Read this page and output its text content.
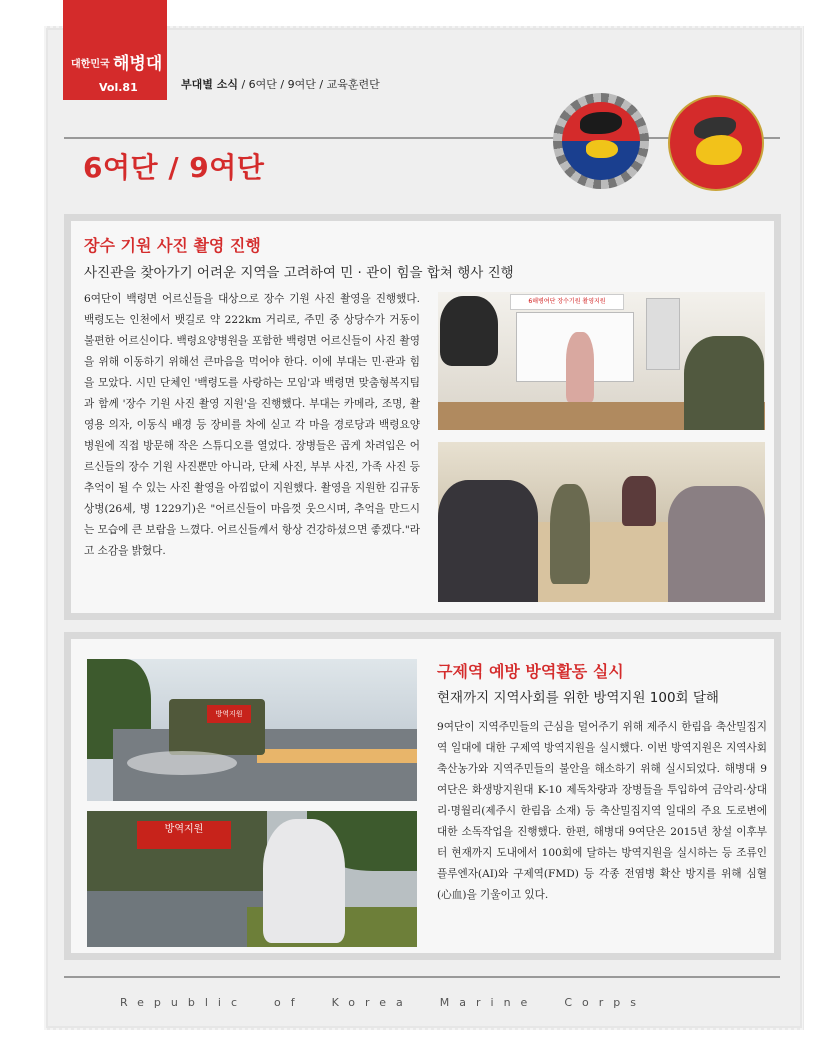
대한민국 해병대
Vol.81	부대별 소식 / 6여단 / 9여단 / 교육훈련단
6여단 / 9여단
장수 기원 사진 촬영 진행
사진관을 찾아가기 어려운 지역을 고려하여 민 · 관이 힘을 합쳐 행사 진행
6여단이 백령면 어르신들을 대상으로 장수 기원 사진 촬영을 진행했다. 백령도는 인천에서 뱃길로 약 222km 거리로, 주민 중 상당수가 거동이 불편한 어르신이다. 백령요양병원을 포함한 백령면 어르신들이 사진 촬영을 위해 이동하기 위해선 큰마음을 먹어야 한다. 이에 부대는 민·관과 힘을 모았다. 시민 단체인 '백령도를 사랑하는 모임'과 백령면 맞춤형복지팀과 함께 '장수 기원 사진 촬영 지원'을 진행했다. 부대는 카메라, 조명, 촬영용 의자, 이동식 배경 등 장비를 차에 싣고 각 마을 경로당과 백령요양병원에 직접 방문해 작은 스튜디오를 열었다. 장병들은 곱게 차려입은 어르신들의 장수 기원 사진뿐만 아니라, 단체 사진, 부부 사진, 가족 사진 등 추억이 될 수 있는 사진 촬영을 아낌없이 지원했다. 촬영을 지원한 김규동 상병(26세, 병 1229기)은 "어르신들이 마음껏 웃으시며, 추억을 만드시는 모습에 큰 보람을 느꼈다. 어르신들께서 항상 건강하셨으면 좋겠다."라고 소감을 밝혔다.
6해병여단 장수기원 촬영지원
방역지원
방역지원
구제역 예방 방역활동 실시
현재까지 지역사회를 위한 방역지원 100회 달해
9여단이 지역주민들의 근심을 덜어주기 위해 제주시 한림읍 축산밀집지역 일대에 대한 구제역 방역지원을 실시했다. 이번 방역지원은 지역사회 축산농가와 지역주민들의 불안을 해소하기 위해 실시되었다. 해병대 9여단은 화생방지원대 K-10 제독차량과 장병들을 투입하여 금악리·상대리·명월리(제주시 한림읍 소재) 등 축산밀집지역 일대의 주요 도로변에 대한 소독작업을 진행했다. 한편, 해병대 9여단은 2015년 창설 이후부터 현재까지 도내에서 100회에 달하는 방역지원을 실시하는 등 조류인플루엔자(AI)와 구제역(FMD) 등 각종 전염병 확산 방지를 위해 심혈(心血)을 기울이고 있다.
Republic  of  Korea  Marine  Corps
